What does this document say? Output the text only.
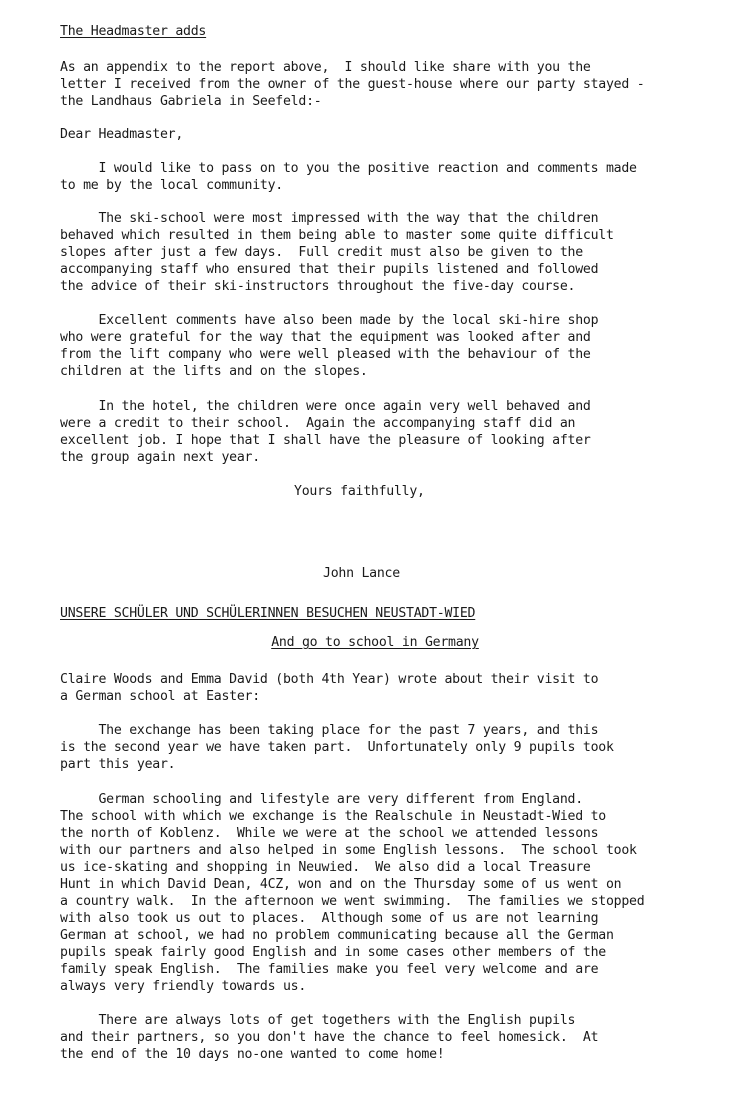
The Headmaster adds
As an appendix to the report above,  I should like share with you the
letter I received from the owner of the guest-house where our party stayed -
the Landhaus Gabriela in Seefeld:-
Dear Headmaster,
I would like to pass on to you the positive reaction and comments made
to me by the local community.
The ski-school were most impressed with the way that the children
behaved which resulted in them being able to master some quite difficult
slopes after just a few days.  Full credit must also be given to the
accompanying staff who ensured that their pupils listened and followed
the advice of their ski-instructors throughout the five-day course.
Excellent comments have also been made by the local ski-hire shop
who were grateful for the way that the equipment was looked after and
from the lift company who were well pleased with the behaviour of the
children at the lifts and on the slopes.
In the hotel, the children were once again very well behaved and
were a credit to their school.  Again the accompanying staff did an
excellent job. I hope that I shall have the pleasure of looking after
the group again next year.
Yours faithfully,
John Lance
UNSERE SCHÜLER UND SCHÜLERINNEN BESUCHEN NEUSTADT-WIED
And go to school in Germany
Claire Woods and Emma David (both 4th Year) wrote about their visit to
a German school at Easter:
The exchange has been taking place for the past 7 years, and this
is the second year we have taken part.  Unfortunately only 9 pupils took
part this year.
German schooling and lifestyle are very different from England.
The school with which we exchange is the Realschule in Neustadt-Wied to
the north of Koblenz.  While we were at the school we attended lessons
with our partners and also helped in some English lessons.  The school took
us ice-skating and shopping in Neuwied.  We also did a local Treasure
Hunt in which David Dean, 4CZ, won and on the Thursday some of us went on
a country walk.  In the afternoon we went swimming.  The families we stopped
with also took us out to places.  Although some of us are not learning
German at school, we had no problem communicating because all the German
pupils speak fairly good English and in some cases other members of the
family speak English.  The families make you feel very welcome and are
always very friendly towards us.
There are always lots of get togethers with the English pupils
and their partners, so you don't have the chance to feel homesick.  At
the end of the 10 days no-one wanted to come home!
